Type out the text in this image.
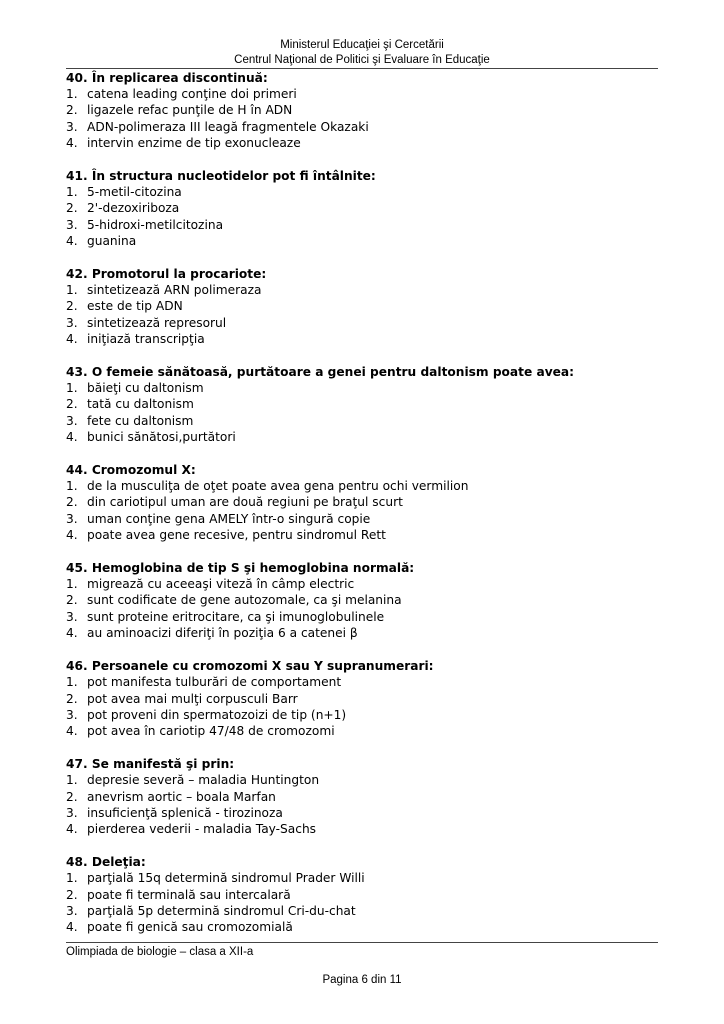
Ministerul Educaţiei şi Cercetării
Centrul Naţional de Politici şi Evaluare în Educaţie
40. În replicarea discontinuă:
1. catena leading conţine doi primeri
2. ligazele refac punţile de H în ADN
3. ADN-polimeraza III leagă fragmentele Okazaki
4. intervin enzime de tip exonucleaze
41. În structura nucleotidelor pot fi întâlnite:
1. 5-metil-citozina
2. 2'-dezoxiriboza
3. 5-hidroxi-metilcitozina
4. guanina
42. Promotorul la procariote:
1. sintetizează ARN polimeraza
2. este de tip ADN
3. sintetizează represorul
4. iniţiază transcripţia
43. O femeie sănătoasă, purtătoare a genei pentru daltonism poate avea:
1. băieţi cu daltonism
2. tată cu daltonism
3. fete cu daltonism
4. bunici sănătosi,purtători
44. Cromozomul X:
1. de la musculiţa de oţet poate avea gena pentru ochi vermilion
2. din cariotipul uman are două regiuni pe braţul scurt
3. uman conţine gena AMELY într-o singură copie
4. poate avea gene recesive, pentru sindromul Rett
45. Hemoglobina de tip S şi hemoglobina normală:
1. migrează cu aceeaşi viteză în câmp electric
2. sunt codificate de gene autozomale, ca şi melanina
3. sunt proteine eritrocitare, ca şi imunoglobulinele
4. au aminoacizi diferiţi în poziţia 6 a catenei β
46. Persoanele cu cromozomi X sau Y supranumerari:
1. pot manifesta tulburări de comportament
2. pot avea mai mulţi corpusculi Barr
3. pot proveni din spermatozoizi de tip (n+1)
4. pot avea în cariotip 47/48 de cromozomi
47. Se manifestă şi prin:
1. depresie severă – maladia Huntington
2. anevrism aortic – boala Marfan
3. insuficienţă splenică - tirozinoza
4. pierderea vederii - maladia Tay-Sachs
48. Deleţia:
1. parţială 15q determină sindromul Prader Willi
2. poate fi terminală sau intercalară
3. parţială 5p determină sindromul Cri-du-chat
4. poate fi genică sau cromozomială
Olimpiada de biologie – clasa a XII-a
Pagina 6 din 11
